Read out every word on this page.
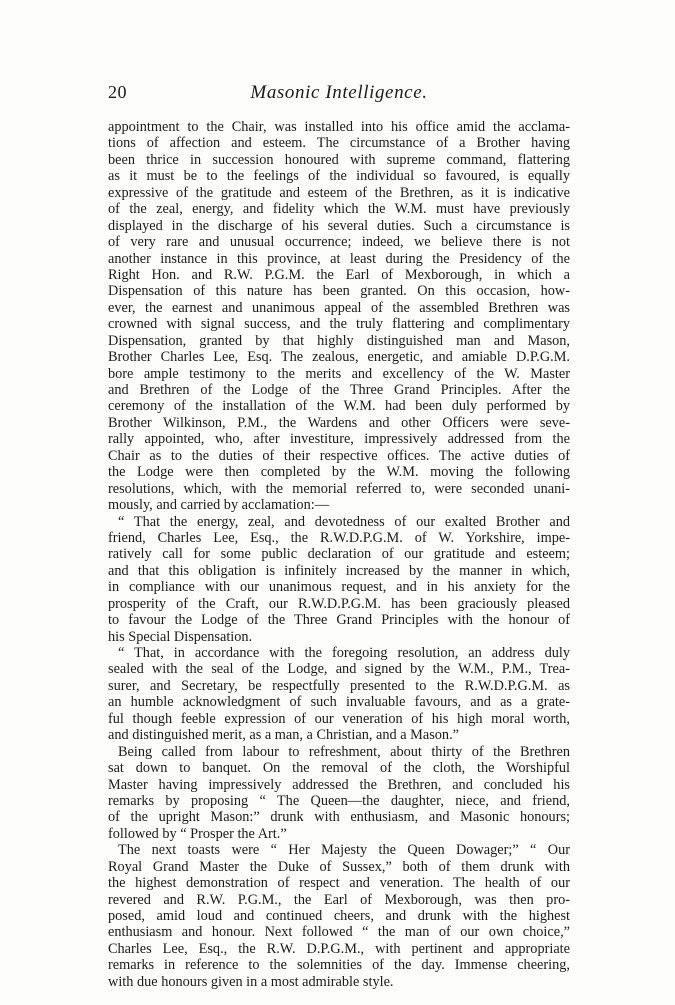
20	Masonic Intelligence.
appointment to the Chair, was installed into his office amid the acclama-
tions of affection and esteem. The circumstance of a Brother having
been thrice in succession honoured with supreme command, flattering
as it must be to the feelings of the individual so favoured, is equally
expressive of the gratitude and esteem of the Brethren, as it is indicative
of the zeal, energy, and fidelity which the W.M. must have previously
displayed in the discharge of his several duties. Such a circumstance is
of very rare and unusual occurrence; indeed, we believe there is not
another instance in this province, at least during the Presidency of the
Right Hon. and R.W. P.G.M. the Earl of Mexborough, in which a
Dispensation of this nature has been granted. On this occasion, how-
ever, the earnest and unanimous appeal of the assembled Brethren was
crowned with signal success, and the truly flattering and complimentary
Dispensation, granted by that highly distinguished man and Mason,
Brother Charles Lee, Esq. The zealous, energetic, and amiable D.P.G.M.
bore ample testimony to the merits and excellency of the W. Master
and Brethren of the Lodge of the Three Grand Principles. After the
ceremony of the installation of the W.M. had been duly performed by
Brother Wilkinson, P.M., the Wardens and other Officers were seve-
rally appointed, who, after investiture, impressively addressed from the
Chair as to the duties of their respective offices. The active duties of
the Lodge were then completed by the W.M. moving the following
resolutions, which, with the memorial referred to, were seconded unani-
mously, and carried by acclamation:—
“ That the energy, zeal, and devotedness of our exalted Brother and
friend, Charles Lee, Esq., the R.W.D.P.G.M. of W. Yorkshire, impe-
ratively call for some public declaration of our gratitude and esteem;
and that this obligation is infinitely increased by the manner in which,
in compliance with our unanimous request, and in his anxiety for the
prosperity of the Craft, our R.W.D.P.G.M. has been graciously pleased
to favour the Lodge of the Three Grand Principles with the honour of
his Special Dispensation.
“ That, in accordance with the foregoing resolution, an address duly
sealed with the seal of the Lodge, and signed by the W.M., P.M., Trea-
surer, and Secretary, be respectfully presented to the R.W.D.P.G.M. as
an humble acknowledgment of such invaluable favours, and as a grate-
ful though feeble expression of our veneration of his high moral worth,
and distinguished merit, as a man, a Christian, and a Mason.”
Being called from labour to refreshment, about thirty of the Brethren
sat down to banquet. On the removal of the cloth, the Worshipful
Master having impressively addressed the Brethren, and concluded his
remarks by proposing “ The Queen—the daughter, niece, and friend,
of the upright Mason:” drunk with enthusiasm, and Masonic honours;
followed by “ Prosper the Art.”
The next toasts were “ Her Majesty the Queen Dowager;” “ Our
Royal Grand Master the Duke of Sussex,” both of them drunk with
the highest demonstration of respect and veneration. The health of our
revered and R.W. P.G.M., the Earl of Mexborough, was then pro-
posed, amid loud and continued cheers, and drunk with the highest
enthusiasm and honour. Next followed “ the man of our own choice,”
Charles Lee, Esq., the R.W. D.P.G.M., with pertinent and appropriate
remarks in reference to the solemnities of the day. Immense cheering,
with due honours given in a most admirable style.
